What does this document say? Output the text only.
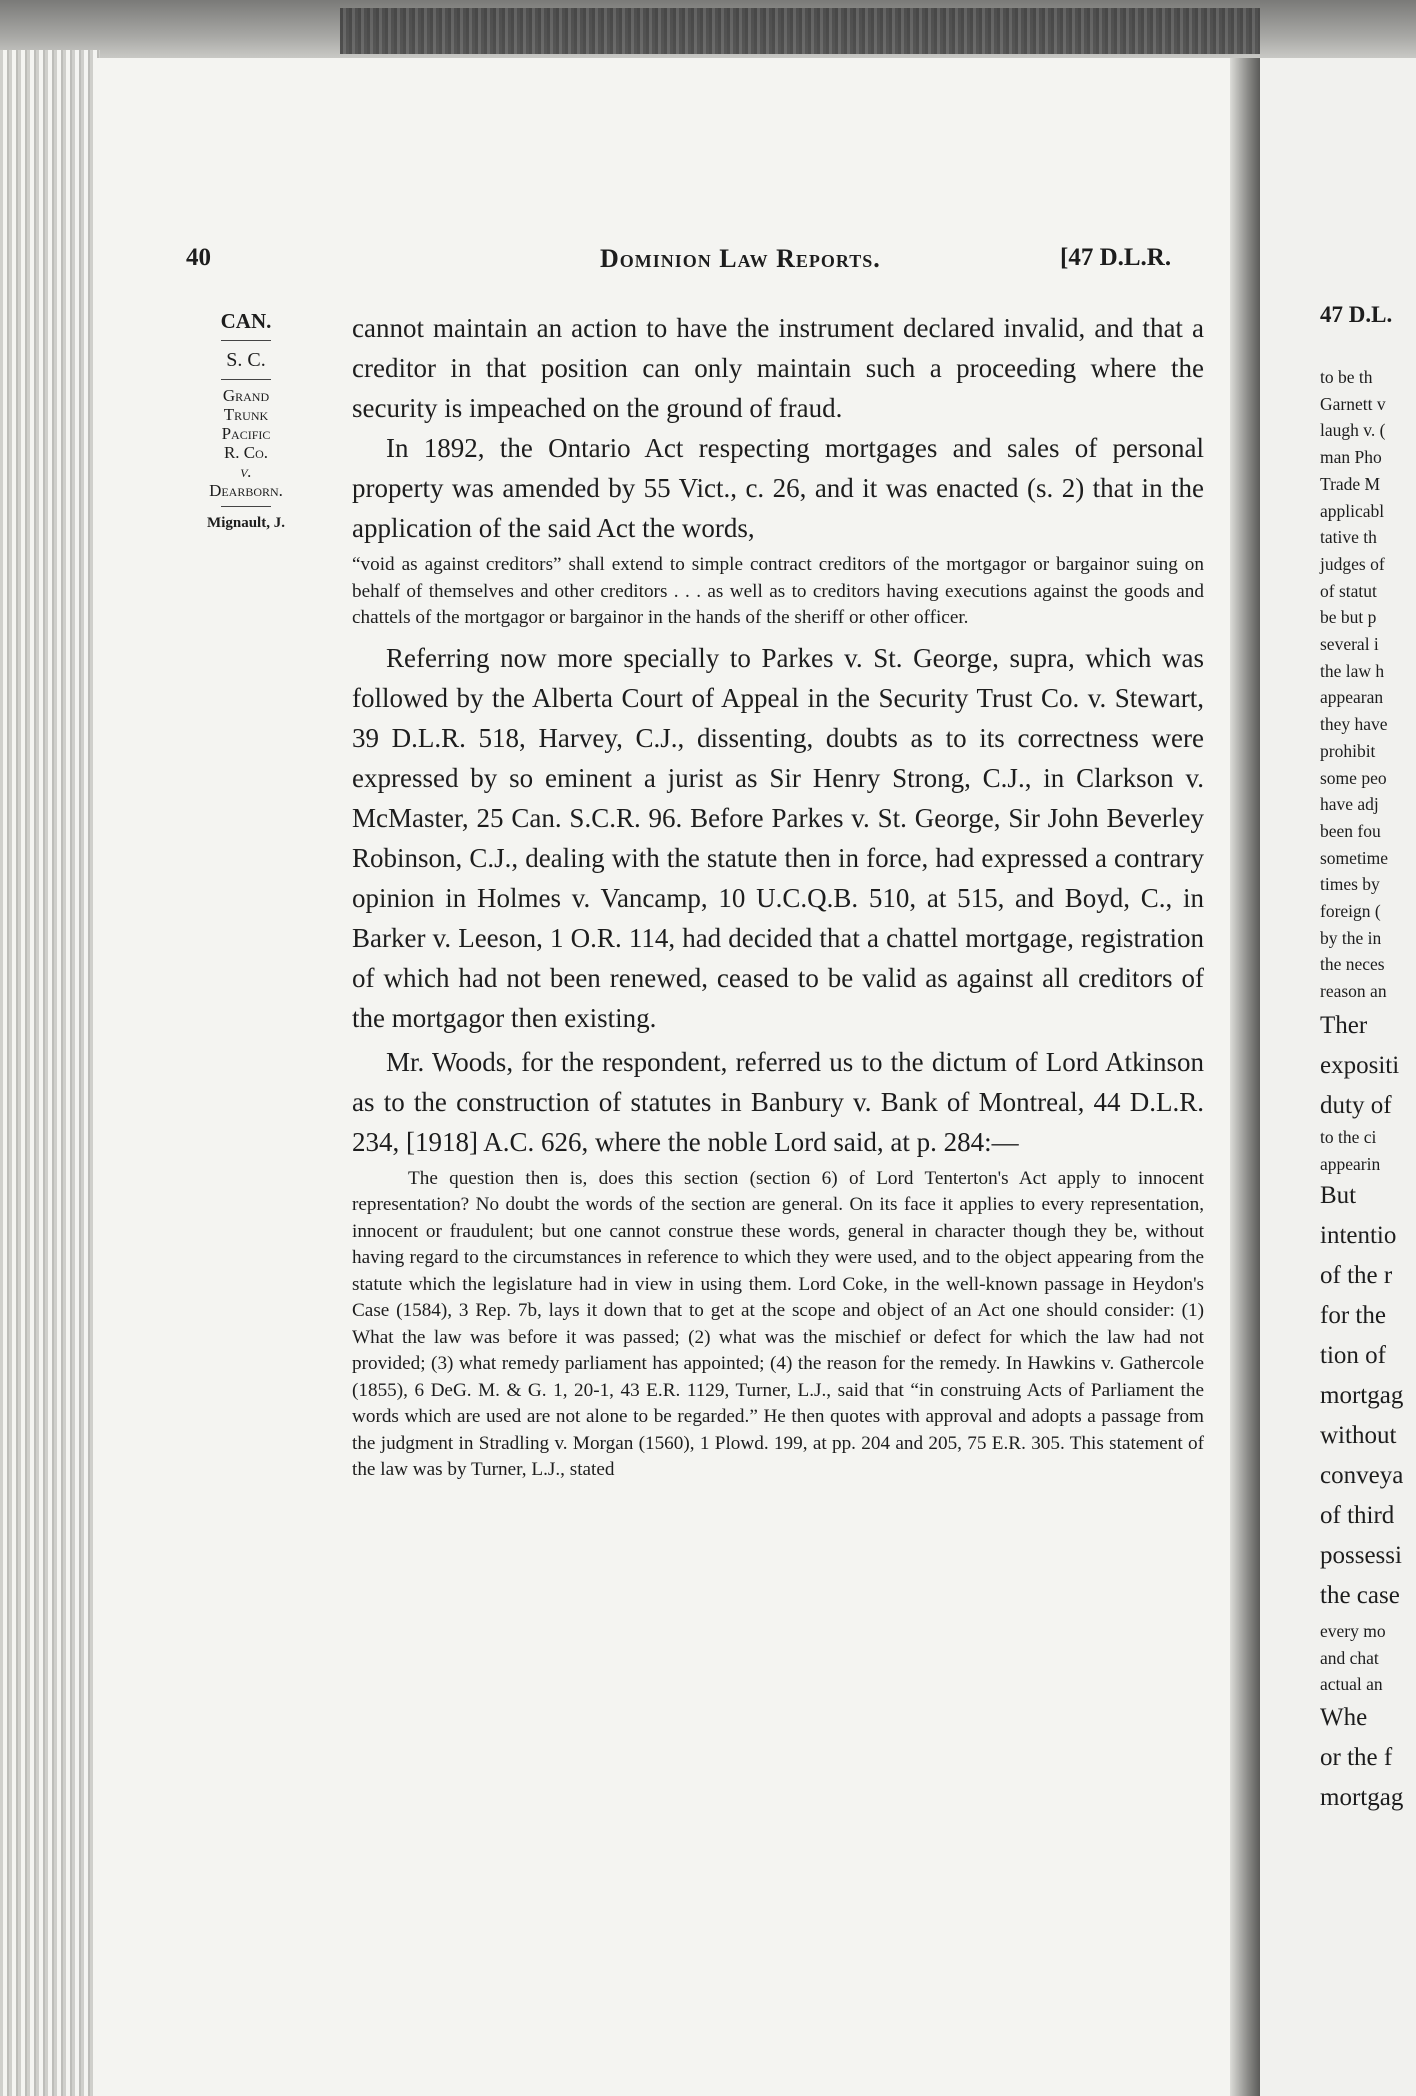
47 D.L.
to be th
Garnett v
laugh v. (
man Pho
Trade M
applicabl
tative th
judges of
of statut
be but p
several i
the law h
appearan
they have
prohibit
some peo
have adj
been fou
sometime
times by
foreign (
by the in
the neces
reason an
Ther
expositi
duty of
to the ci
appearin
But
intentio
of the r
for the
tion of
mortgag
without
conveya
of third
possessi
the case
every mo
and chat
actual an
Whe
or the f
mortgag
40	Dominion Law Reports.	[47 D.L.R.
CAN.
S. C.
Grand
Trunk
Pacific
R. Co.
v.
Dearborn.
Mignault, J.

cannot maintain an action to have the instrument declared invalid, and that a creditor in that position can only maintain such a proceeding where the security is impeached on the ground of fraud.

In 1892, the Ontario Act respecting mortgages and sales of personal property was amended by 55 Vict., c. 26, and it was enacted (s. 2) that in the application of the said Act the words,

“void as against creditors” shall extend to simple contract creditors of the mortgagor or bargainor suing on behalf of themselves and other creditors . . . as well as to creditors having executions against the goods and chattels of the mortgagor or bargainor in the hands of the sheriff or other officer.

Referring now more specially to Parkes v. St. George, supra, which was followed by the Alberta Court of Appeal in the Security Trust Co. v. Stewart, 39 D.L.R. 518, Harvey, C.J., dissenting, doubts as to its correctness were expressed by so eminent a jurist as Sir Henry Strong, C.J., in Clarkson v. McMaster, 25 Can. S.C.R. 96. Before Parkes v. St. George, Sir John Beverley Robinson, C.J., dealing with the statute then in force, had expressed a contrary opinion in Holmes v. Vancamp, 10 U.C.Q.B. 510, at 515, and Boyd, C., in Barker v. Leeson, 1 O.R. 114, had decided that a chattel mortgage, registration of which had not been renewed, ceased to be valid as against all creditors of the mortgagor then existing.

Mr. Woods, for the respondent, referred us to the dictum of Lord Atkinson as to the construction of statutes in Banbury v. Bank of Montreal, 44 D.L.R. 234, [1918] A.C. 626, where the noble Lord said, at p. 284:—

The question then is, does this section (section 6) of Lord Tenterton's Act apply to innocent representation? No doubt the words of the section are general. On its face it applies to every representation, innocent or fraudulent; but one cannot construe these words, general in character though they be, without having regard to the circumstances in reference to which they were used, and to the object appearing from the statute which the legislature had in view in using them. Lord Coke, in the well-known passage in Heydon's Case (1584), 3 Rep. 7b, lays it down that to get at the scope and object of an Act one should consider: (1) What the law was before it was passed; (2) what was the mischief or defect for which the law had not provided; (3) what remedy parliament has appointed; (4) the reason for the remedy. In Hawkins v. Gathercole (1855), 6 DeG. M. & G. 1, 20-1, 43 E.R. 1129, Turner, L.J., said that “in construing Acts of Parliament the words which are used are not alone to be regarded.” He then quotes with approval and adopts a passage from the judgment in Stradling v. Morgan (1560), 1 Plowd. 199, at pp. 204 and 205, 75 E.R. 305. This statement of the law was by Turner, L.J., stated
